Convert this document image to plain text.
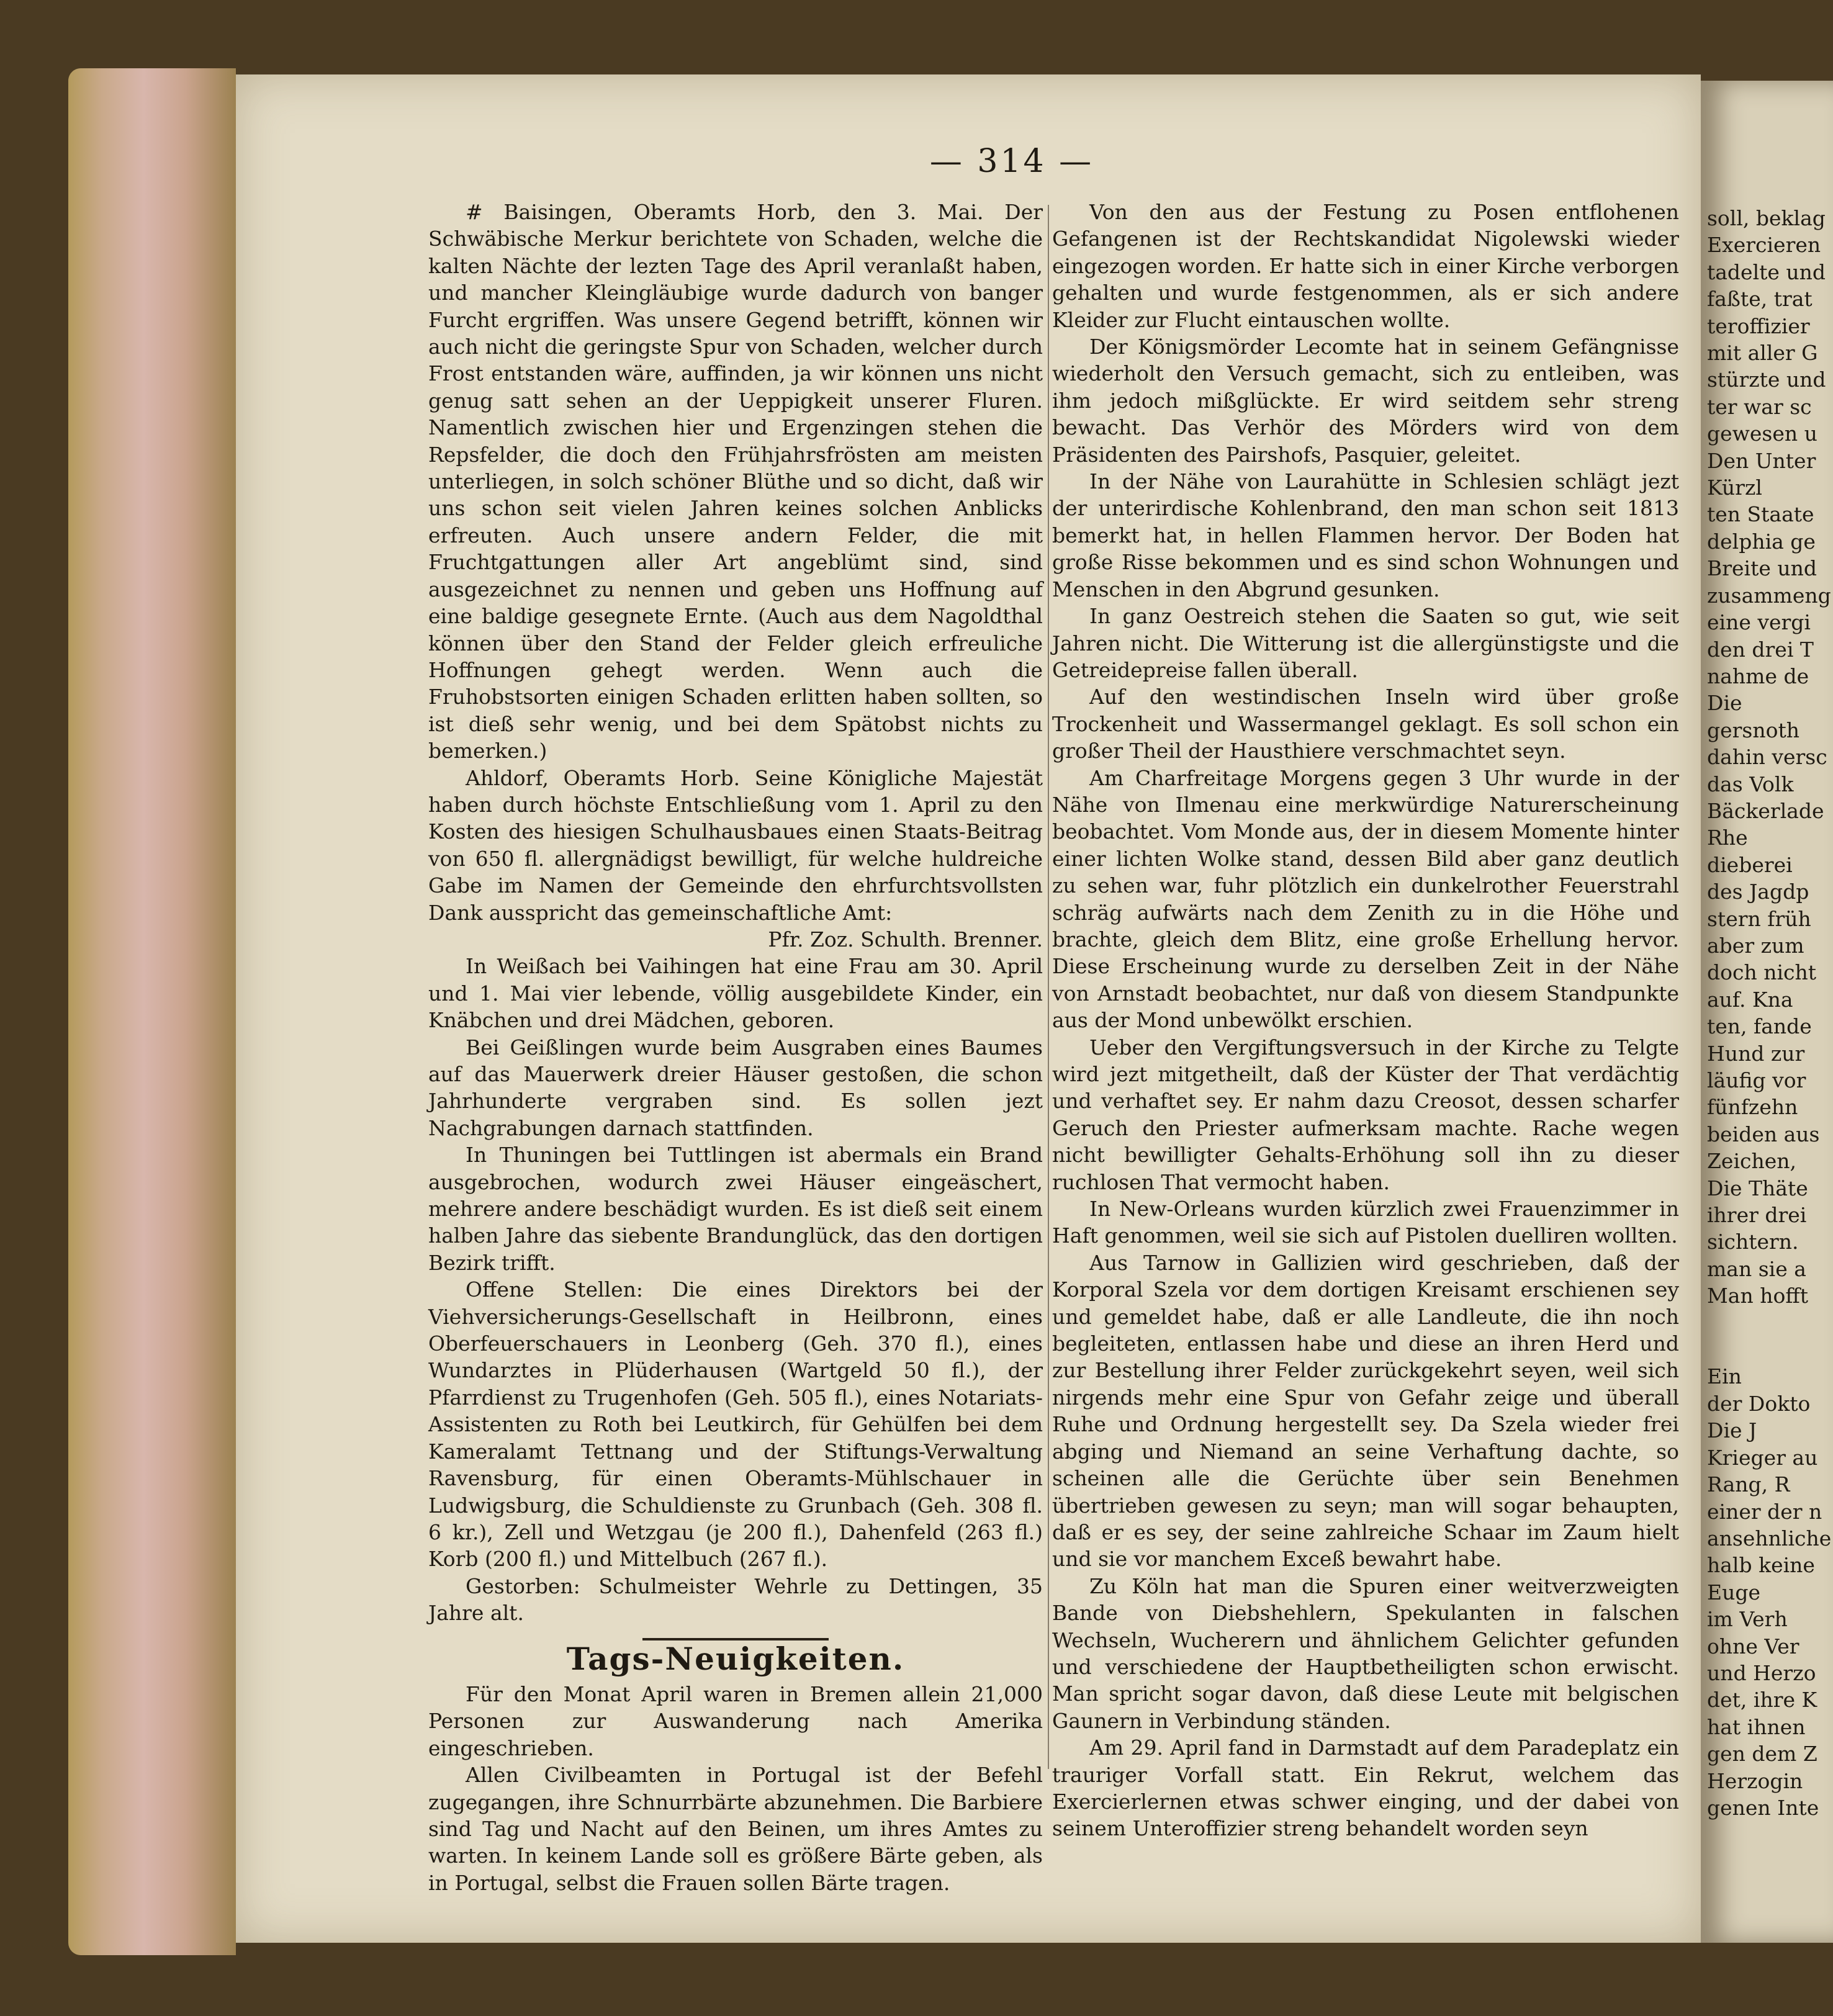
— 314 —

# Baisingen, Oberamts Horb, den 3. Mai. Der Schwäbische Merkur berichtete von Schaden, welche die kalten Nächte der lezten Tage des April veranlaßt haben, und mancher Kleingläubige wurde dadurch von banger Furcht ergriffen. Was unsere Gegend betrifft, können wir auch nicht die geringste Spur von Schaden, welcher durch Frost entstanden wäre, auffinden, ja wir können uns nicht genug satt sehen an der Ueppigkeit unserer Fluren. Namentlich zwischen hier und Ergenzingen stehen die Repsfelder, die doch den Frühjahrsfrösten am meisten unterliegen, in solch schöner Blüthe und so dicht, daß wir uns schon seit vielen Jahren keines solchen Anblicks erfreuten. Auch unsere andern Felder, die mit Fruchtgattungen aller Art angeblümt sind, sind ausgezeichnet zu nennen und geben uns Hoffnung auf eine baldige gesegnete Ernte. (Auch aus dem Nagoldthal können über den Stand der Felder gleich erfreuliche Hoffnungen gehegt werden. Wenn auch die Fruhobstsorten einigen Schaden erlitten haben sollten, so ist dieß sehr wenig, und bei dem Spätobst nichts zu bemerken.)

Ahldorf, Oberamts Horb. Seine Königliche Majestät haben durch höchste Entschließung vom 1. April zu den Kosten des hiesigen Schulhausbaues einen Staats-Beitrag von 650 fl. allergnädigst bewilligt, für welche huldreiche Gabe im Namen der Gemeinde den ehrfurchtsvollsten Dank ausspricht das gemeinschaftliche Amt:

Pfr. Zoz. Schulth. Brenner.

In Weißach bei Vaihingen hat eine Frau am 30. April und 1. Mai vier lebende, völlig ausgebildete Kinder, ein Knäbchen und drei Mädchen, geboren.

Bei Geißlingen wurde beim Ausgraben eines Baumes auf das Mauerwerk dreier Häuser gestoßen, die schon Jahrhunderte vergraben sind. Es sollen jezt Nachgrabungen darnach stattfinden.

In Thuningen bei Tuttlingen ist abermals ein Brand ausgebrochen, wodurch zwei Häuser eingeäschert, mehrere andere beschädigt wurden. Es ist dieß seit einem halben Jahre das siebente Brandunglück, das den dortigen Bezirk trifft.

Offene Stellen: Die eines Direktors bei der Viehversicherungs-Gesellschaft in Heilbronn, eines Oberfeuerschauers in Leonberg (Geh. 370 fl.), eines Wundarztes in Plüderhausen (Wartgeld 50 fl.), der Pfarrdienst zu Trugenhofen (Geh. 505 fl.), eines Notariats-Assistenten zu Roth bei Leutkirch, für Gehülfen bei dem Kameralamt Tettnang und der Stiftungs-Verwaltung Ravensburg, für einen Oberamts-Mühlschauer in Ludwigsburg, die Schuldienste zu Grunbach (Geh. 308 fl. 6 kr.), Zell und Wetzgau (je 200 fl.), Dahenfeld (263 fl.) Korb (200 fl.) und Mittelbuch (267 fl.).

Gestorben: Schulmeister Wehrle zu Dettingen, 35 Jahre alt.

Tags-Neuigkeiten.

Für den Monat April waren in Bremen allein 21,000 Personen zur Auswanderung nach Amerika eingeschrieben.

Allen Civilbeamten in Portugal ist der Befehl zugegangen, ihre Schnurrbärte abzunehmen. Die Barbiere sind Tag und Nacht auf den Beinen, um ihres Amtes zu warten. In keinem Lande soll es größere Bärte geben, als in Portugal, selbst die Frauen sollen Bärte tragen.

Von den aus der Festung zu Posen entflohenen Gefangenen ist der Rechtskandidat Nigolewski wieder eingezogen worden. Er hatte sich in einer Kirche verborgen gehalten und wurde festgenommen, als er sich andere Kleider zur Flucht eintauschen wollte.

Der Königsmörder Lecomte hat in seinem Gefängnisse wiederholt den Versuch gemacht, sich zu entleiben, was ihm jedoch mißglückte. Er wird seitdem sehr streng bewacht. Das Verhör des Mörders wird von dem Präsidenten des Pairshofs, Pasquier, geleitet.

In der Nähe von Laurahütte in Schlesien schlägt jezt der unterirdische Kohlenbrand, den man schon seit 1813 bemerkt hat, in hellen Flammen hervor. Der Boden hat große Risse bekommen und es sind schon Wohnungen und Menschen in den Abgrund gesunken.

In ganz Oestreich stehen die Saaten so gut, wie seit Jahren nicht. Die Witterung ist die allergünstigste und die Getreidepreise fallen überall.

Auf den westindischen Inseln wird über große Trockenheit und Wassermangel geklagt. Es soll schon ein großer Theil der Hausthiere verschmachtet seyn.

Am Charfreitage Morgens gegen 3 Uhr wurde in der Nähe von Ilmenau eine merkwürdige Naturerscheinung beobachtet. Vom Monde aus, der in diesem Momente hinter einer lichten Wolke stand, dessen Bild aber ganz deutlich zu sehen war, fuhr plötzlich ein dunkelrother Feuerstrahl schräg aufwärts nach dem Zenith zu in die Höhe und brachte, gleich dem Blitz, eine große Erhellung hervor. Diese Erscheinung wurde zu derselben Zeit in der Nähe von Arnstadt beobachtet, nur daß von diesem Standpunkte aus der Mond unbewölkt erschien.

Ueber den Vergiftungsversuch in der Kirche zu Telgte wird jezt mitgetheilt, daß der Küster der That verdächtig und verhaftet sey. Er nahm dazu Creosot, dessen scharfer Geruch den Priester aufmerksam machte. Rache wegen nicht bewilligter Gehalts-Erhöhung soll ihn zu dieser ruchlosen That vermocht haben.

In New-Orleans wurden kürzlich zwei Frauenzimmer in Haft genommen, weil sie sich auf Pistolen duelliren wollten.

Aus Tarnow in Gallizien wird geschrieben, daß der Korporal Szela vor dem dortigen Kreisamt erschienen sey und gemeldet habe, daß er alle Landleute, die ihn noch begleiteten, entlassen habe und diese an ihren Herd und zur Bestellung ihrer Felder zurückgekehrt seyen, weil sich nirgends mehr eine Spur von Gefahr zeige und überall Ruhe und Ordnung hergestellt sey. Da Szela wieder frei abging und Niemand an seine Verhaftung dachte, so scheinen alle die Gerüchte über sein Benehmen übertrieben gewesen zu seyn; man will sogar behaupten, daß er es sey, der seine zahlreiche Schaar im Zaum hielt und sie vor manchem Exceß bewahrt habe.

Zu Köln hat man die Spuren einer weitverzweigten Bande von Diebshehlern, Spekulanten in falschen Wechseln, Wucherern und ähnlichem Gelichter gefunden und verschiedene der Hauptbetheiligten schon erwischt. Man spricht sogar davon, daß diese Leute mit belgischen Gaunern in Verbindung ständen.

Am 29. April fand in Darmstadt auf dem Paradeplatz ein trauriger Vorfall statt. Ein Rekrut, welchem das Exercierlernen etwas schwer einging, und der dabei von seinem Unteroffizier streng behandelt worden seyn

soll, beklag
Exercieren
tadelte und
faßte, trat
teroffizier
mit aller G
stürzte und
ter war sc
gewesen u
Den Unter
Kürzl
ten Staate
delphia ge
Breite und
zusammeng
eine vergi
den drei T
nahme de
Die
gersnoth
dahin versc
das Volk
Bäckerlade
Rhe
dieberei
des Jagdp
stern früh
aber zum
doch nicht
auf. Kna
ten, fande
Hund zur
läufig vor
fünfzehn
beiden aus
Zeichen,
Die Thäte
ihrer drei
sichtern.
man sie a
Man hofft

Ein
der Dokto
Die J
Krieger au
Rang, R
einer der n
ansehnliche
halb keine
Euge
im Verh
ohne Ver
und Herzo
det, ihre K
hat ihnen
gen dem Z
Herzogin
genen Inte
